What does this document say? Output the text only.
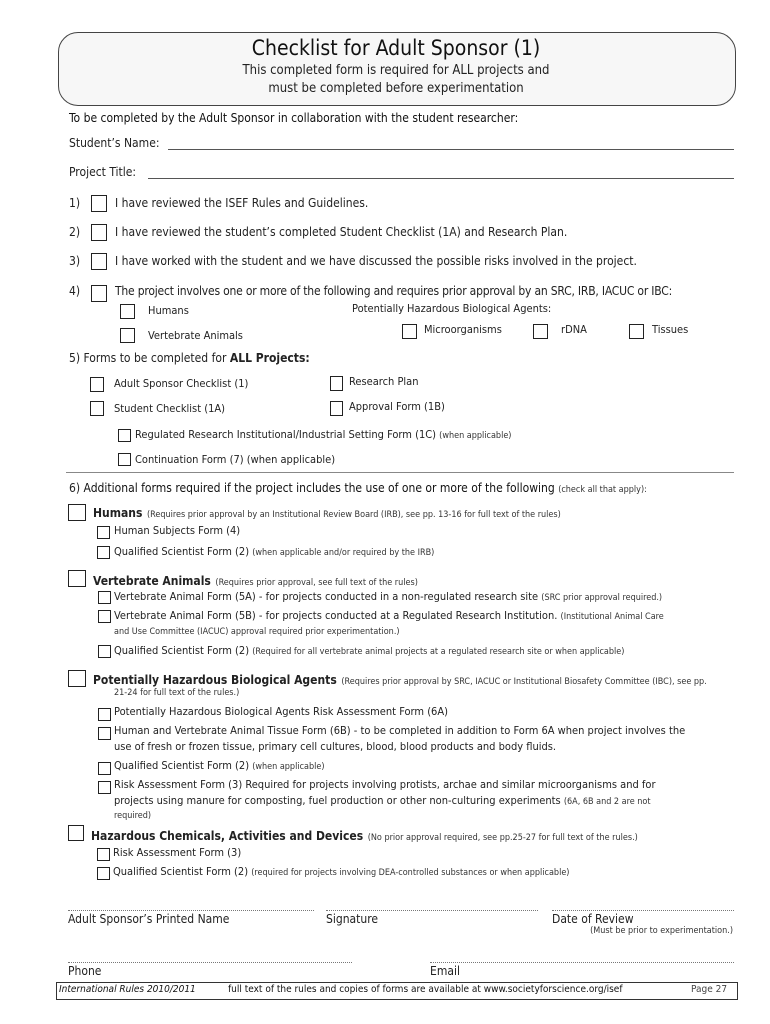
Checklist for Adult Sponsor (1)
This completed form is required for ALL projects and
must be completed before experimentation
To be completed by the Adult Sponsor in collaboration with the student researcher:
Student’s Name:
Project Title:
1)	I have reviewed the ISEF Rules and Guidelines.
2)	I have reviewed the student’s completed Student Checklist (1A) and Research Plan.
3)	I have worked with the student and we have discussed the possible risks involved in the project.
4)	The project involves one or more of the following and requires prior approval by an SRC, IRB, IACUC or IBC:
Humans	Potentially Hazardous Biological Agents:
Vertebrate Animals	Microorganisms	rDNA	Tissues
5) Forms to be completed for ALL Projects:
Adult Sponsor Checklist (1)	Research Plan
Student Checklist (1A)	Approval Form (1B)
Regulated Research Institutional/Industrial Setting Form (1C) (when applicable)
Continuation Form (7) (when applicable)
6) Additional forms required if the project includes the use of one or more of the following (check all that apply):
Humans (Requires prior approval by an Institutional Review Board (IRB), see pp. 13-16 for full text of the rules)
Human Subjects Form (4)
Qualified Scientist Form (2) (when applicable and/or required by the IRB)
Vertebrate Animals (Requires prior approval, see full text of the rules)
Vertebrate Animal Form (5A) - for projects conducted in a non-regulated research site (SRC prior approval required.)
Vertebrate Animal Form (5B) - for projects conducted at a Regulated Research Institution. (Institutional Animal Care
and Use Committee (IACUC) approval required prior experimentation.)
Qualified Scientist Form (2) (Required for all vertebrate animal projects at a regulated research site or when applicable)
Potentially Hazardous Biological Agents (Requires prior approval by SRC, IACUC or Institutional Biosafety Committee (IBC), see pp.
21-24 for full text of the rules.)
Potentially Hazardous Biological Agents Risk Assessment Form (6A)
Human and Vertebrate Animal Tissue Form (6B) - to be completed in addition to Form 6A when project involves the
use of fresh or frozen tissue, primary cell cultures, blood, blood products and body fluids.
Qualified Scientist Form (2) (when applicable)
Risk Assessment Form (3) Required for projects involving protists, archae and similar microorganisms and for
projects using manure for composting, fuel production or other non-culturing experiments (6A, 6B and 2 are not
required)
Hazardous Chemicals, Activities and Devices (No prior approval required, see pp.25-27 for full text of the rules.)
Risk Assessment Form (3)
Qualified Scientist Form (2) (required for projects involving DEA-controlled substances or when applicable)
Adult Sponsor’s Printed Name	Signature	Date of Review
(Must be prior to experimentation.)
Phone	Email
International Rules 2010/2011	full text of the rules and copies of forms are available at www.societyforscience.org/isef	Page 27
